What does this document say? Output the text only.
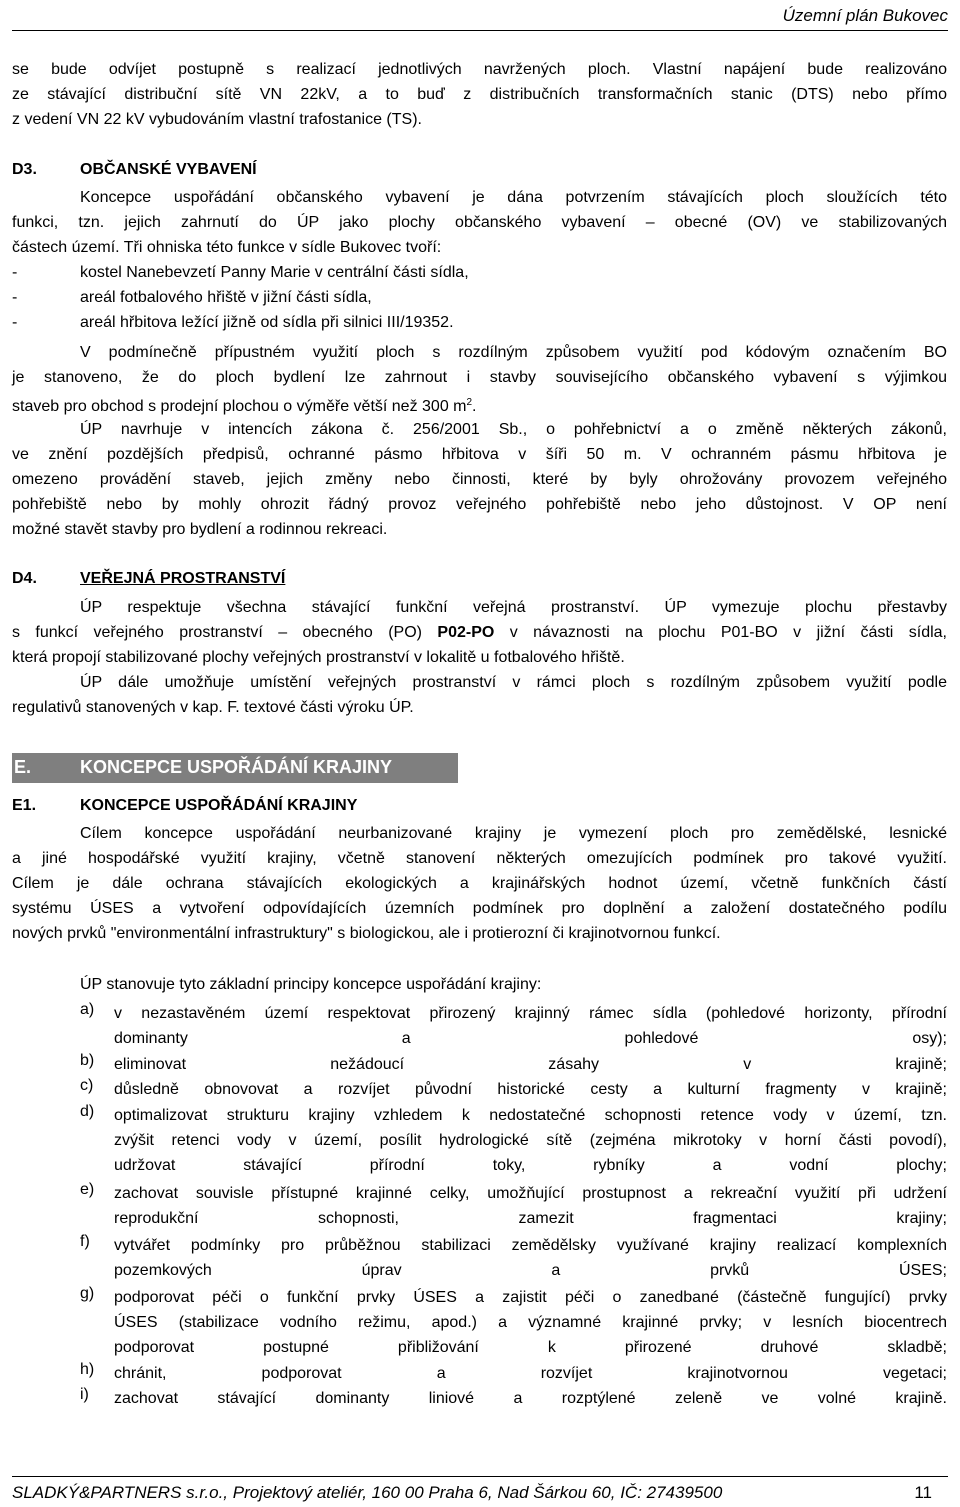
Územní plán Bukovec
se bude odvíjet postupně s realizací jednotlivých navržených ploch. Vlastní napájení bude realizováno
ze stávající distribuční sítě VN 22kV, a to buď z distribučních transformačních stanic (DTS) nebo přímo
z vedení VN 22 kV vybudováním vlastní trafostanice (TS).
D3.	OBČANSKÉ VYBAVENÍ
Koncepce uspořádání občanského vybavení je dána potvrzením stávajících ploch sloužících této
funkci, tzn. jejich zahrnutí do ÚP jako plochy občanského vybavení – obecné (OV) ve stabilizovaných
částech území. Tři ohniska této funkce v sídle Bukovec tvoří:
-	kostel Nanebevzetí Panny Marie v centrální části sídla,
-	areál fotbalového hřiště v jižní části sídla,
-	areál hřbitova ležící jižně od sídla při silnici III/19352.
V podmínečně přípustném využití ploch s rozdílným způsobem využití pod kódovým označením BO
je stanoveno, že do ploch bydlení lze zahrnout i stavby souvisejícího občanského vybavení s výjimkou
staveb pro obchod s prodejní plochou o výměře větší než 300 $m^2$.
ÚP navrhuje v intencích zákona č. 256/2001 Sb., o pohřebnictví a o změně některých zákonů,
ve znění pozdějších předpisů, ochranné pásmo hřbitova v šíři 50 m. V ochranném pásmu hřbitova je
omezeno provádění staveb, jejich změny nebo činnosti, které by byly ohrožovány provozem veřejného
pohřebiště nebo by mohly ohrozit řádný provoz veřejného pohřebiště nebo jeho důstojnost. V OP není
možné stavět stavby pro bydlení a rodinnou rekreaci.
D4.	VEŘEJNÁ PROSTRANSTVÍ
ÚP respektuje všechna stávající funkční veřejná prostranství. ÚP vymezuje plochu přestavby
s funkcí veřejného prostranství – obecného (PO) P02-PO v návaznosti na plochu P01-BO v jižní části sídla,
která propojí stabilizované plochy veřejných prostranství v lokalitě u fotbalového hřiště.
ÚP dále umožňuje umístění veřejných prostranství v rámci ploch s rozdílným způsobem využití podle
regulativů stanovených v kap. F. textové části výroku ÚP.
E.	KONCEPCE USPOŘÁDÁNÍ KRAJINY
E1.	KONCEPCE USPOŘÁDÁNÍ KRAJINY
Cílem koncepce uspořádání neurbanizované krajiny je vymezení ploch pro zemědělské, lesnické
a jiné hospodářské využití krajiny, včetně stanovení některých omezujících podmínek pro takové využití.
Cílem je dále ochrana stávajících ekologických a krajinářských hodnot území, včetně funkčních částí
systému ÚSES a vytvoření odpovídajících územních podmínek pro doplnění a založení dostatečného podílu
nových prvků "environmentální infrastruktury" s biologickou, ale i protierozní či krajinotvornou funkcí.
ÚP stanovuje tyto základní principy koncepce uspořádání krajiny:
a) v nezastavěném území respektovat přirozený krajinný rámec sídla (pohledové horizonty, přírodní
dominanty a pohledové osy);
b) eliminovat nežádoucí zásahy v krajině;
c) důsledně obnovovat a rozvíjet původní historické cesty a kulturní fragmenty v krajině;
d) optimalizovat strukturu krajiny vzhledem k nedostatečné schopnosti retence vody v území, tzn.
zvýšit retenci vody v území, posílit hydrologické sítě (zejména mikrotoky v horní části povodí),
udržovat stávající přírodní toky, rybníky a vodní plochy;
e) zachovat souvisle přístupné krajinné celky, umožňující prostupnost a rekreační využití při udržení
reprodukční schopnosti, zamezit fragmentaci krajiny;
f) vytvářet podmínky pro průběžnou stabilizaci zemědělsky využívané krajiny realizací komplexních
pozemkových úprav a prvků ÚSES;
g) podporovat péči o funkční prvky ÚSES a zajistit péči o zanedbané (částečně fungující) prvky
ÚSES (stabilizace vodního režimu, apod.) a významné krajinné prvky; v lesních biocentrech
podporovat postupné přibližování k přirozené druhové skladbě;
h) chránit, podporovat a rozvíjet krajinotvornou vegetaci;
i) zachovat stávající dominanty liniové a rozptýlené zeleně ve volné krajině.
SLADKÝ&PARTNERS s.r.o., Projektový ateliér, 160 00 Praha 6, Nad Šárkou 60, IČ: 27439500	11
